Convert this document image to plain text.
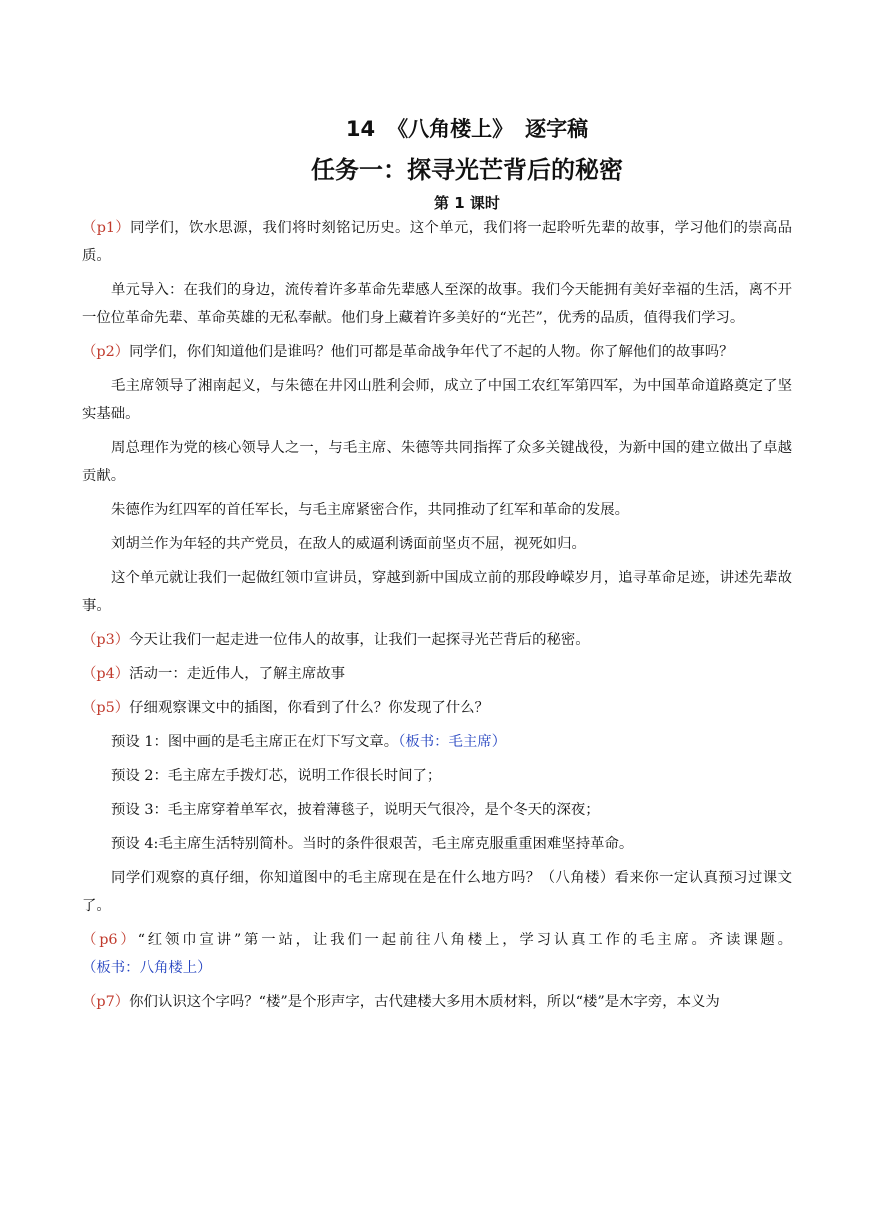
14 《八角楼上》 逐字稿
任务一：探寻光芒背后的秘密
第 1 课时

（p1）同学们，饮水思源，我们将时刻铭记历史。这个单元，我们将一起聆听先辈的故事，学习他们的崇高品质。

单元导入：在我们的身边，流传着许多革命先辈感人至深的故事。我们今天能拥有美好幸福的生活，离不开一位位革命先辈、革命英雄的无私奉献。他们身上藏着许多美好的“光芒”，优秀的品质，值得我们学习。

（p2）同学们，你们知道他们是谁吗？他们可都是革命战争年代了不起的人物。你了解他们的故事吗？

毛主席领导了湘南起义，与朱德在井冈山胜利会师，成立了中国工农红军第四军，为中国革命道路奠定了坚实基础。

周总理作为党的核心领导人之一，与毛主席、朱德等共同指挥了众多关键战役，为新中国的建立做出了卓越贡献。

朱德作为红四军的首任军长，与毛主席紧密合作，共同推动了红军和革命的发展。

刘胡兰作为年轻的共产党员，在敌人的威逼利诱面前坚贞不屈，视死如归。

这个单元就让我们一起做红领巾宣讲员，穿越到新中国成立前的那段峥嵘岁月，追寻革命足迹，讲述先辈故事。

（p3）今天让我们一起走进一位伟人的故事，让我们一起探寻光芒背后的秘密。

（p4）活动一：走近伟人，了解主席故事

（p5）仔细观察课文中的插图，你看到了什么？你发现了什么？

预设 1：图中画的是毛主席正在灯下写文章。（板书：毛主席）

预设 2：毛主席左手拨灯芯，说明工作很长时间了；

预设 3：毛主席穿着单军衣，披着薄毯子，说明天气很冷，是个冬天的深夜；

预设 4:毛主席生活特别简朴。当时的条件很艰苦，毛主席克服重重困难坚持革命。

同学们观察的真仔细，你知道图中的毛主席现在是在什么地方吗？（八角楼）看来你一定认真预习过课文了。

（p6）“红领巾宣讲”第一站，让我们一起前往八角楼上，学习认真工作的毛主席。齐读课题。（板书：八角楼上）

（p7）你们认识这个字吗？“楼”是个形声字，古代建楼大多用木质材料，所以“楼”是木字旁，本义为
